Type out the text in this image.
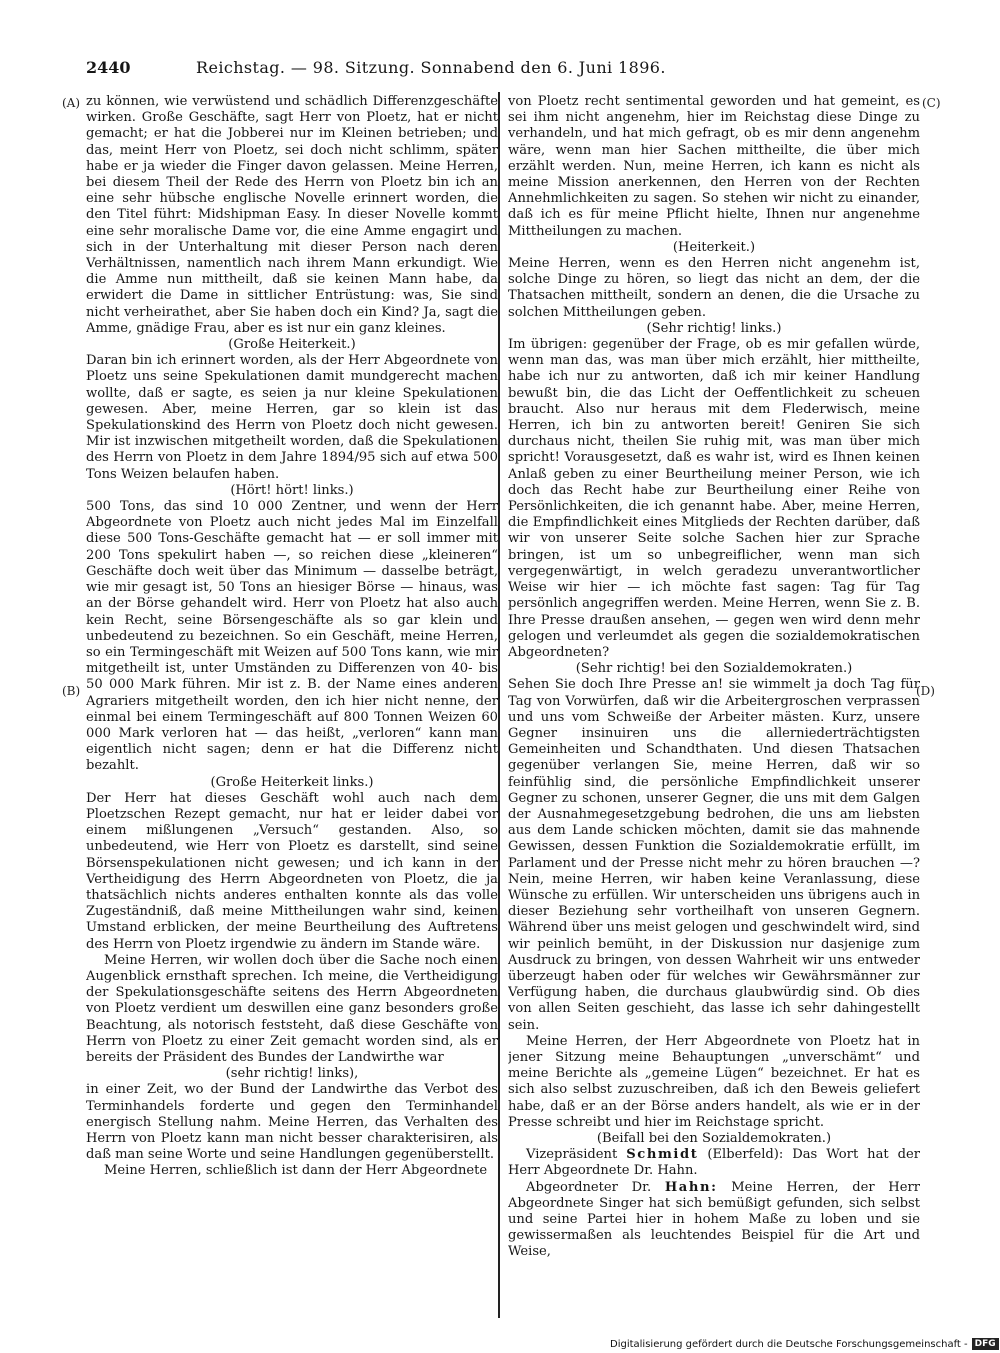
2440	Reichstag. — 98. Sitzung. Sonnabend den 6. Juni 1896.
(A)
(B)
(C)
(D)

zu können, wie verwüstend und schädlich Differenzgeschäfte wirken. Große Geschäfte, sagt Herr von Ploetz, hat er nicht gemacht; er hat die Jobberei nur im Kleinen betrieben; und das, meint Herr von Ploetz, sei doch nicht schlimm, später habe er ja wieder die Finger davon gelassen. Meine Herren, bei diesem Theil der Rede des Herrn von Ploetz bin ich an eine sehr hübsche englische Novelle erinnert worden, die den Titel führt: Midshipman Easy. In dieser Novelle kommt eine sehr moralische Dame vor, die eine Amme engagirt und sich in der Unterhaltung mit dieser Person nach deren Verhältnissen, namentlich nach ihrem Mann erkundigt. Wie die Amme nun mittheilt, daß sie keinen Mann habe, da erwidert die Dame in sittlicher Entrüstung: was, Sie sind nicht verheirathet, aber Sie haben doch ein Kind? Ja, sagt die Amme, gnädige Frau, aber es ist nur ein ganz kleines.

(Große Heiterkeit.)

Daran bin ich erinnert worden, als der Herr Abgeordnete von Ploetz uns seine Spekulationen damit mundgerecht machen wollte, daß er sagte, es seien ja nur kleine Spekulationen gewesen. Aber, meine Herren, gar so klein ist das Spekulationskind des Herrn von Ploetz doch nicht gewesen. Mir ist inzwischen mitgetheilt worden, daß die Spekulationen des Herrn von Ploetz in dem Jahre 1894/95 sich auf etwa 500 Tons Weizen belaufen haben.

(Hört! hört! links.)

500 Tons, das sind 10 000 Zentner, und wenn der Herr Abgeordnete von Ploetz auch nicht jedes Mal im Einzelfall diese 500 Tons-Geschäfte gemacht hat — er soll immer mit 200 Tons spekulirt haben —, so reichen diese „kleineren“ Geschäfte doch weit über das Minimum — dasselbe beträgt, wie mir gesagt ist, 50 Tons an hiesiger Börse — hinaus, was an der Börse gehandelt wird. Herr von Ploetz hat also auch kein Recht, seine Börsengeschäfte als so gar klein und unbedeutend zu bezeichnen. So ein Geschäft, meine Herren, so ein Termingeschäft mit Weizen auf 500 Tons kann, wie mir mitgetheilt ist, unter Umständen zu Differenzen von 40- bis 50 000 Mark führen. Mir ist z. B. der Name eines anderen Agrariers mitgetheilt worden, den ich hier nicht nenne, der einmal bei einem Termingeschäft auf 800 Tonnen Weizen 60 000 Mark verloren hat — das heißt, „verloren“ kann man eigentlich nicht sagen; denn er hat die Differenz nicht bezahlt.

(Große Heiterkeit links.)

Der Herr hat dieses Geschäft wohl auch nach dem Ploetzschen Rezept gemacht, nur hat er leider dabei vor einem mißlungenen „Versuch“ gestanden. Also, so unbedeutend, wie Herr von Ploetz es darstellt, sind seine Börsenspekulationen nicht gewesen; und ich kann in der Vertheidigung des Herrn Abgeordneten von Ploetz, die ja thatsächlich nichts anderes enthalten konnte als das volle Zugeständniß, daß meine Mittheilungen wahr sind, keinen Umstand erblicken, der meine Beurtheilung des Auftretens des Herrn von Ploetz irgendwie zu ändern im Stande wäre.

Meine Herren, wir wollen doch über die Sache noch einen Augenblick ernsthaft sprechen. Ich meine, die Vertheidigung der Spekulationsgeschäfte seitens des Herrn Abgeordneten von Ploetz verdient um deswillen eine ganz besonders große Beachtung, als notorisch feststeht, daß diese Geschäfte von Herrn von Ploetz zu einer Zeit gemacht worden sind, als er bereits der Präsident des Bundes der Landwirthe war

(sehr richtig! links),

in einer Zeit, wo der Bund der Landwirthe das Verbot des Terminhandels forderte und gegen den Terminhandel energisch Stellung nahm. Meine Herren, das Verhalten des Herrn von Ploetz kann man nicht besser charakterisiren, als daß man seine Worte und seine Handlungen gegenüberstellt.

Meine Herren, schließlich ist dann der Herr Abgeordnete

von Ploetz recht sentimental geworden und hat gemeint, es sei ihm nicht angenehm, hier im Reichstag diese Dinge zu verhandeln, und hat mich gefragt, ob es mir denn angenehm wäre, wenn man hier Sachen mittheilte, die über mich erzählt werden. Nun, meine Herren, ich kann es nicht als meine Mission anerkennen, den Herren von der Rechten Annehmlichkeiten zu sagen. So stehen wir nicht zu einander, daß ich es für meine Pflicht hielte, Ihnen nur angenehme Mittheilungen zu machen.

(Heiterkeit.)

Meine Herren, wenn es den Herren nicht angenehm ist, solche Dinge zu hören, so liegt das nicht an dem, der die Thatsachen mittheilt, sondern an denen, die die Ursache zu solchen Mittheilungen geben.

(Sehr richtig! links.)

Im übrigen: gegenüber der Frage, ob es mir gefallen würde, wenn man das, was man über mich erzählt, hier mittheilte, habe ich nur zu antworten, daß ich mir keiner Handlung bewußt bin, die das Licht der Oeffentlichkeit zu scheuen braucht. Also nur heraus mit dem Flederwisch, meine Herren, ich bin zu antworten bereit! Geniren Sie sich durchaus nicht, theilen Sie ruhig mit, was man über mich spricht! Vorausgesetzt, daß es wahr ist, wird es Ihnen keinen Anlaß geben zu einer Beurtheilung meiner Person, wie ich doch das Recht habe zur Beurtheilung einer Reihe von Persönlichkeiten, die ich genannt habe. Aber, meine Herren, die Empfindlichkeit eines Mitglieds der Rechten darüber, daß wir von unserer Seite solche Sachen hier zur Sprache bringen, ist um so unbegreiflicher, wenn man sich vergegenwärtigt, in welch geradezu unverantwortlicher Weise wir hier — ich möchte fast sagen: Tag für Tag persönlich angegriffen werden. Meine Herren, wenn Sie z. B. Ihre Presse draußen ansehen, — gegen wen wird denn mehr gelogen und verleumdet als gegen die sozialdemokratischen Abgeordneten?

(Sehr richtig! bei den Sozialdemokraten.)

Sehen Sie doch Ihre Presse an! sie wimmelt ja doch Tag für Tag von Vorwürfen, daß wir die Arbeitergroschen verprassen und uns vom Schweiße der Arbeiter mästen. Kurz, unsere Gegner insinuiren uns die allerniederträchtigsten Gemeinheiten und Schandthaten. Und diesen Thatsachen gegenüber verlangen Sie, meine Herren, daß wir so feinfühlig sind, die persönliche Empfindlichkeit unserer Gegner zu schonen, unserer Gegner, die uns mit dem Galgen der Ausnahmegesetzgebung bedrohen, die uns am liebsten aus dem Lande schicken möchten, damit sie das mahnende Gewissen, dessen Funktion die Sozialdemokratie erfüllt, im Parlament und der Presse nicht mehr zu hören brauchen —? Nein, meine Herren, wir haben keine Veranlassung, diese Wünsche zu erfüllen. Wir unterscheiden uns übrigens auch in dieser Beziehung sehr vortheilhaft von unseren Gegnern. Während über uns meist gelogen und geschwindelt wird, sind wir peinlich bemüht, in der Diskussion nur dasjenige zum Ausdruck zu bringen, von dessen Wahrheit wir uns entweder überzeugt haben oder für welches wir Gewährsmänner zur Verfügung haben, die durchaus glaubwürdig sind. Ob dies von allen Seiten geschieht, das lasse ich sehr dahingestellt sein.

Meine Herren, der Herr Abgeordnete von Ploetz hat in jener Sitzung meine Behauptungen „unverschämt“ und meine Berichte als „gemeine Lügen“ bezeichnet. Er hat es sich also selbst zuzuschreiben, daß ich den Beweis geliefert habe, daß er an der Börse anders handelt, als wie er in der Presse schreibt und hier im Reichstage spricht.

(Beifall bei den Sozialdemokraten.)

Vizepräsident Schmidt (Elberfeld): Das Wort hat der Herr Abgeordnete Dr. Hahn.

Abgeordneter Dr. Hahn: Meine Herren, der Herr Abgeordnete Singer hat sich bemüßigt gefunden, sich selbst und seine Partei hier in hohem Maße zu loben und sie gewissermaßen als leuchtendes Beispiel für die Art und Weise,

Digitalisierung gefördert durch die Deutsche Forschungsgemeinschaft - DFG
